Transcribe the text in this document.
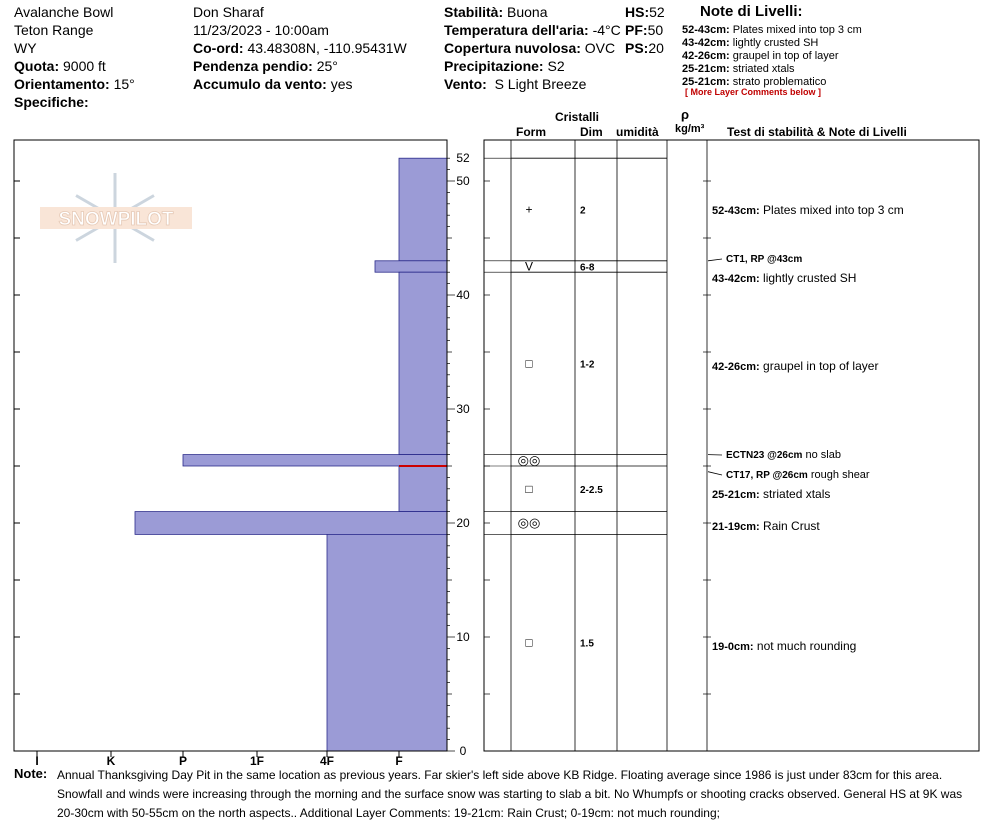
Avalanche Bowl
Teton Range
WY
Quota: 9000 ft
Orientamento: 15°
Specifiche:
Don Sharaf
11/23/2023 - 10:00am
Co-ord: 43.48308N, -110.95431W
Pendenza pendio: 25°
Accumulo da vento: yes
Stabilità: Buona
Temperatura dell'aria: -4°C
Copertura nuvolosa: OVC
Precipitazione: S2
Vento: S Light Breeze
HS:52
PF:50
PS:20
Note di Livelli:
52-43cm: Plates mixed into top 3 cm
43-42cm: lightly crusted SH
42-26cm: graupel in top of layer
25-21cm: striated xtals
25-21cm: strato problematico
[ More Layer Comments below ]
Cristalli
Form	Dim umidità
ρ
kg/m³ Test di stabilità & Note di Livelli
SNOWPILOT
I	K	P	1F	4F	F
50
40
30
20
10
0
52
+	2
V	6-8
□	1-2
◎◎
□	2-2.5
◎◎
□	1.5
CT1, RP @43cm
ECTN23 @26cm no slab
CT17, RP @26cm rough shear
52-43cm: Plates mixed into top 3 cm
43-42cm: lightly crusted SH
42-26cm: graupel in top of layer
25-21cm: striated xtals
21-19cm: Rain Crust
19-0cm: not much rounding
Note: Annual Thanksgiving Day Pit in the same location as previous years. Far skier's left side above KB Ridge. Floating average since 1986 is just under 83cm for this area.
Snowfall and winds were increasing through the morning and the surface snow was starting to slab a bit. No Whumpfs or shooting cracks observed. General HS at 9K was
20-30cm with 50-55cm on the north aspects.. Additional Layer Comments: 19-21cm: Rain Crust; 0-19cm: not much rounding;
